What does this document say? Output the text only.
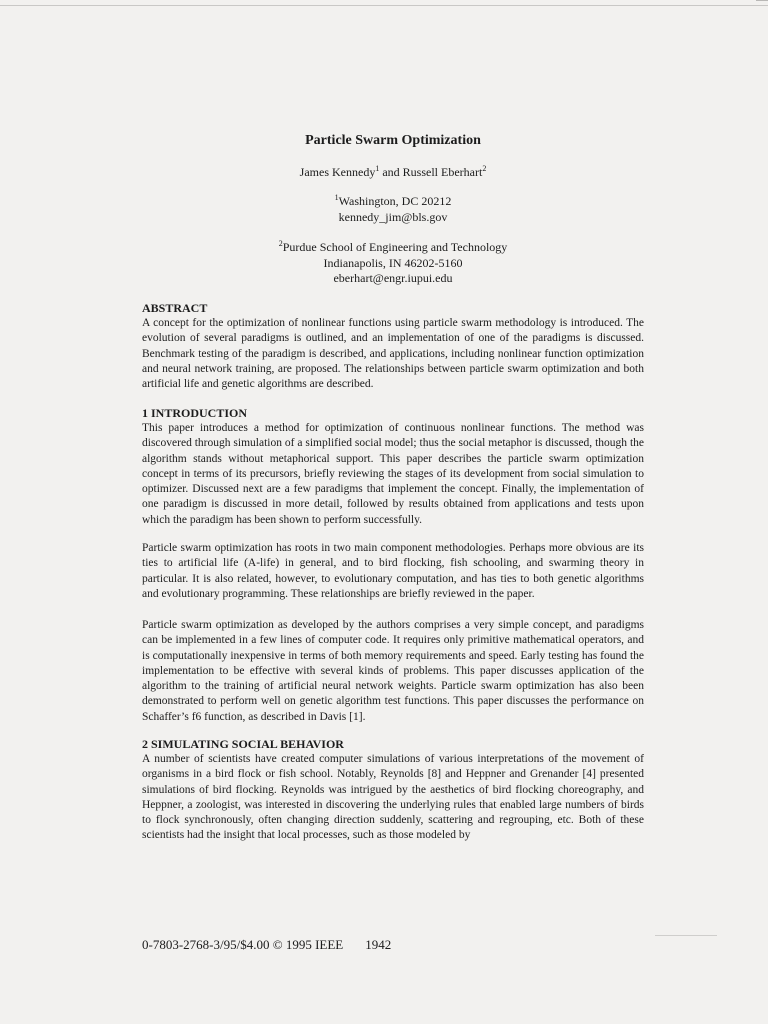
Particle Swarm Optimization
James Kennedy$^1$ and Russell Eberhart$^2$
$^1$Washington, DC 20212
kennedy_jim@bls.gov
$^2$Purdue School of Engineering and Technology
Indianapolis, IN 46202-5160
eberhart@engr.iupui.edu
ABSTRACT

A concept for the optimization of nonlinear functions using particle swarm methodology is introduced. The evolution of several paradigms is outlined, and an implementation of one of the paradigms is discussed. Benchmark testing of the paradigm is described, and applications, including nonlinear function optimization and neural network training, are proposed. The relationships between particle swarm optimization and both artificial life and genetic algorithms are described.

1 INTRODUCTION

This paper introduces a method for optimization of continuous nonlinear functions. The method was discovered through simulation of a simplified social model; thus the social metaphor is discussed, though the algorithm stands without metaphorical support. This paper describes the particle swarm optimization concept in terms of its precursors, briefly reviewing the stages of its development from social simulation to optimizer. Discussed next are a few paradigms that implement the concept. Finally, the implementation of one paradigm is discussed in more detail, followed by results obtained from applications and tests upon which the paradigm has been shown to perform successfully.

Particle swarm optimization has roots in two main component methodologies. Perhaps more obvious are its ties to artificial life (A-life) in general, and to bird flocking, fish schooling, and swarming theory in particular. It is also related, however, to evolutionary computation, and has ties to both genetic algorithms and evolutionary programming. These relationships are briefly reviewed in the paper.

Particle swarm optimization as developed by the authors comprises a very simple concept, and paradigms can be implemented in a few lines of computer code. It requires only primitive mathematical operators, and is computationally inexpensive in terms of both memory requirements and speed. Early testing has found the implementation to be effective with several kinds of problems. This paper discusses application of the algorithm to the training of artificial neural network weights. Particle swarm optimization has also been demonstrated to perform well on genetic algorithm test functions. This paper discusses the performance on Schaffer’s f6 function, as described in Davis [1].

2 SIMULATING SOCIAL BEHAVIOR

A number of scientists have created computer simulations of various interpretations of the movement of organisms in a bird flock or fish school. Notably, Reynolds [8] and Heppner and Grenander [4] presented simulations of bird flocking. Reynolds was intrigued by the aesthetics of bird flocking choreography, and Heppner, a zoologist, was interested in discovering the underlying rules that enabled large numbers of birds to flock synchronously, often changing direction suddenly, scattering and regrouping, etc. Both of these scientists had the insight that local processes, such as those modeled by

0-7803-2768-3/95/$4.00 © 1995 IEEE 1942
